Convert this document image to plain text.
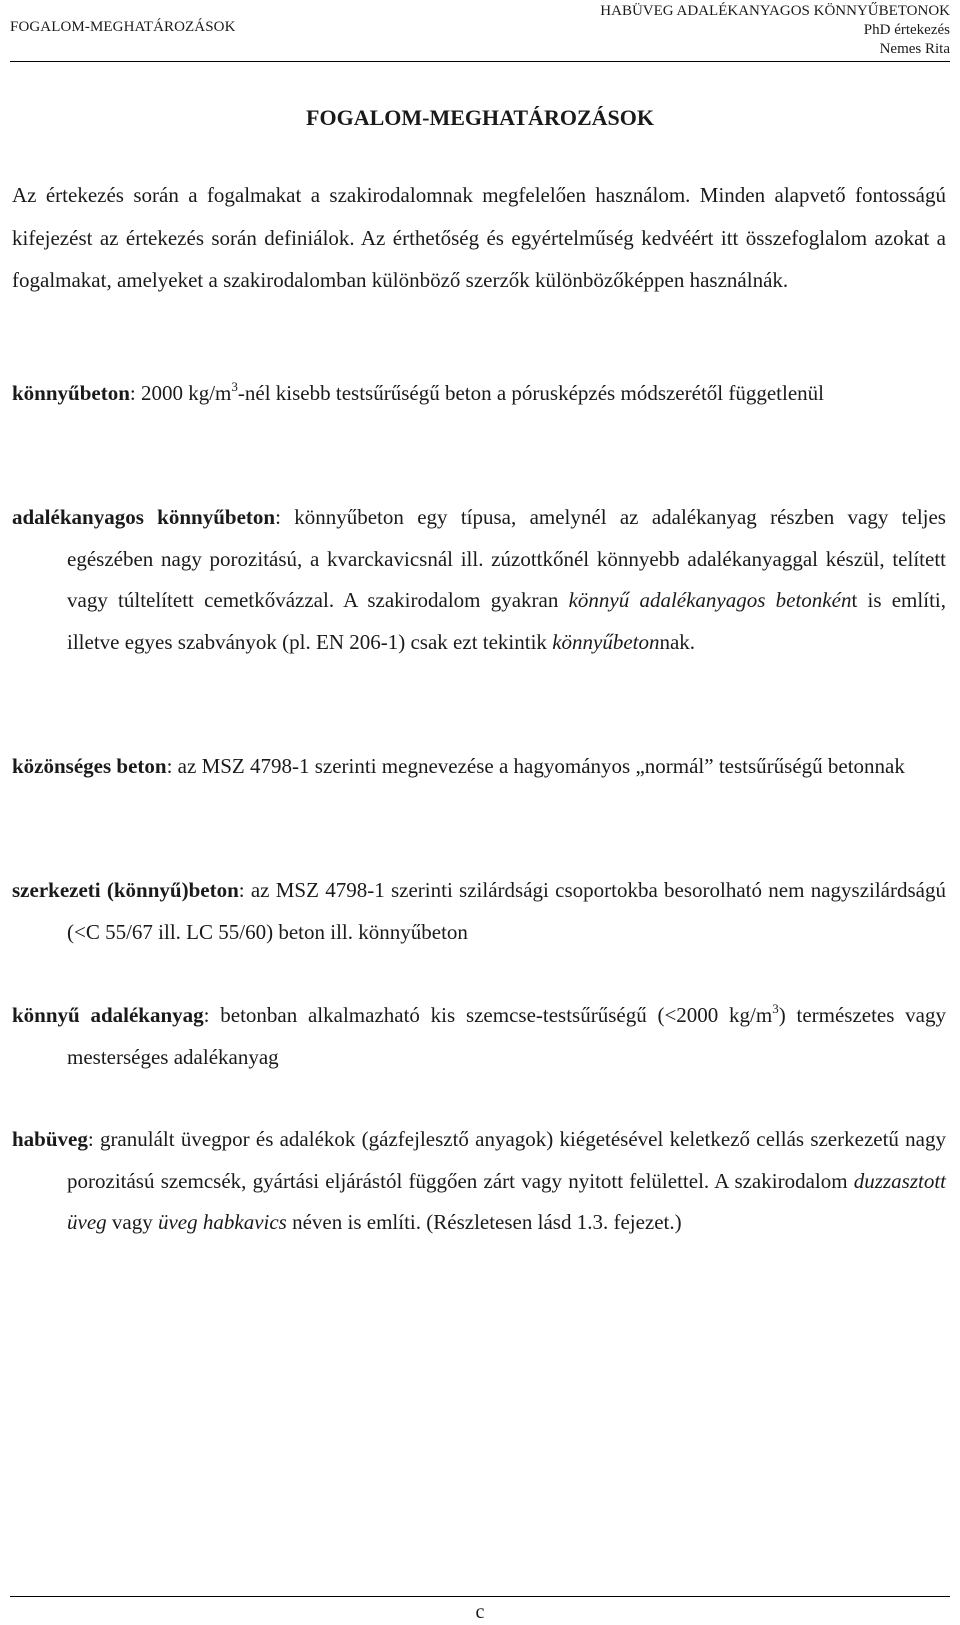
FOGALOM-MEGHATÁROZÁSOK
HABÜVEG ADALÉKANYAGOS KÖNNYŰBETONOK
PhD értekezés
Nemes Rita
FOGALOM-MEGHATÁROZÁSOK

Az értekezés során a fogalmakat a szakirodalomnak megfelelően használom. Minden alapvető fontosságú kifejezést az értekezés során definiálok. Az érthetőség és egyértelműség kedvéért itt összefoglalom azokat a fogalmakat, amelyeket a szakirodalomban különböző szerzők különbözőképpen használnák.

könnyűbeton: 2000 $kg/m^3$-nél kisebb testsűrűségű beton a pórusképzés módszerétől függetlenül

adalékanyagos könnyűbeton: könnyűbeton egy típusa, amelynél az adalékanyag részben vagy teljes egészében nagy porozitású, a kvarckavicsnál ill. zúzottkőnél könnyebb adalékanyaggal készül, telített vagy túltelített cemetkővázzal. A szakirodalom gyakran könnyű adalékanyagos betonként is említi, illetve egyes szabványok (pl. EN 206-1) csak ezt tekintik könnyűbetonnak.

közönséges beton: az MSZ 4798-1 szerinti megnevezése a hagyományos „normál” testsűrűségű betonnak

szerkezeti (könnyű)beton: az MSZ 4798-1 szerinti szilárdsági csoportokba besorolható nem nagyszilárdságú (<C 55/67 ill. LC 55/60) beton ill. könnyűbeton

könnyű adalékanyag: betonban alkalmazható kis szemcse-testsűrűségű (<2000 $kg/m^3$) természetes vagy mesterséges adalékanyag

habüveg: granulált üvegpor és adalékok (gázfejlesztő anyagok) kiégetésével keletkező cellás szerkezetű nagy porozitású szemcsék, gyártási eljárástól függően zárt vagy nyitott felülettel. A szakirodalom duzzasztott üveg vagy üveg habkavics néven is említi. (Részletesen lásd 1.3. fejezet.)

c
